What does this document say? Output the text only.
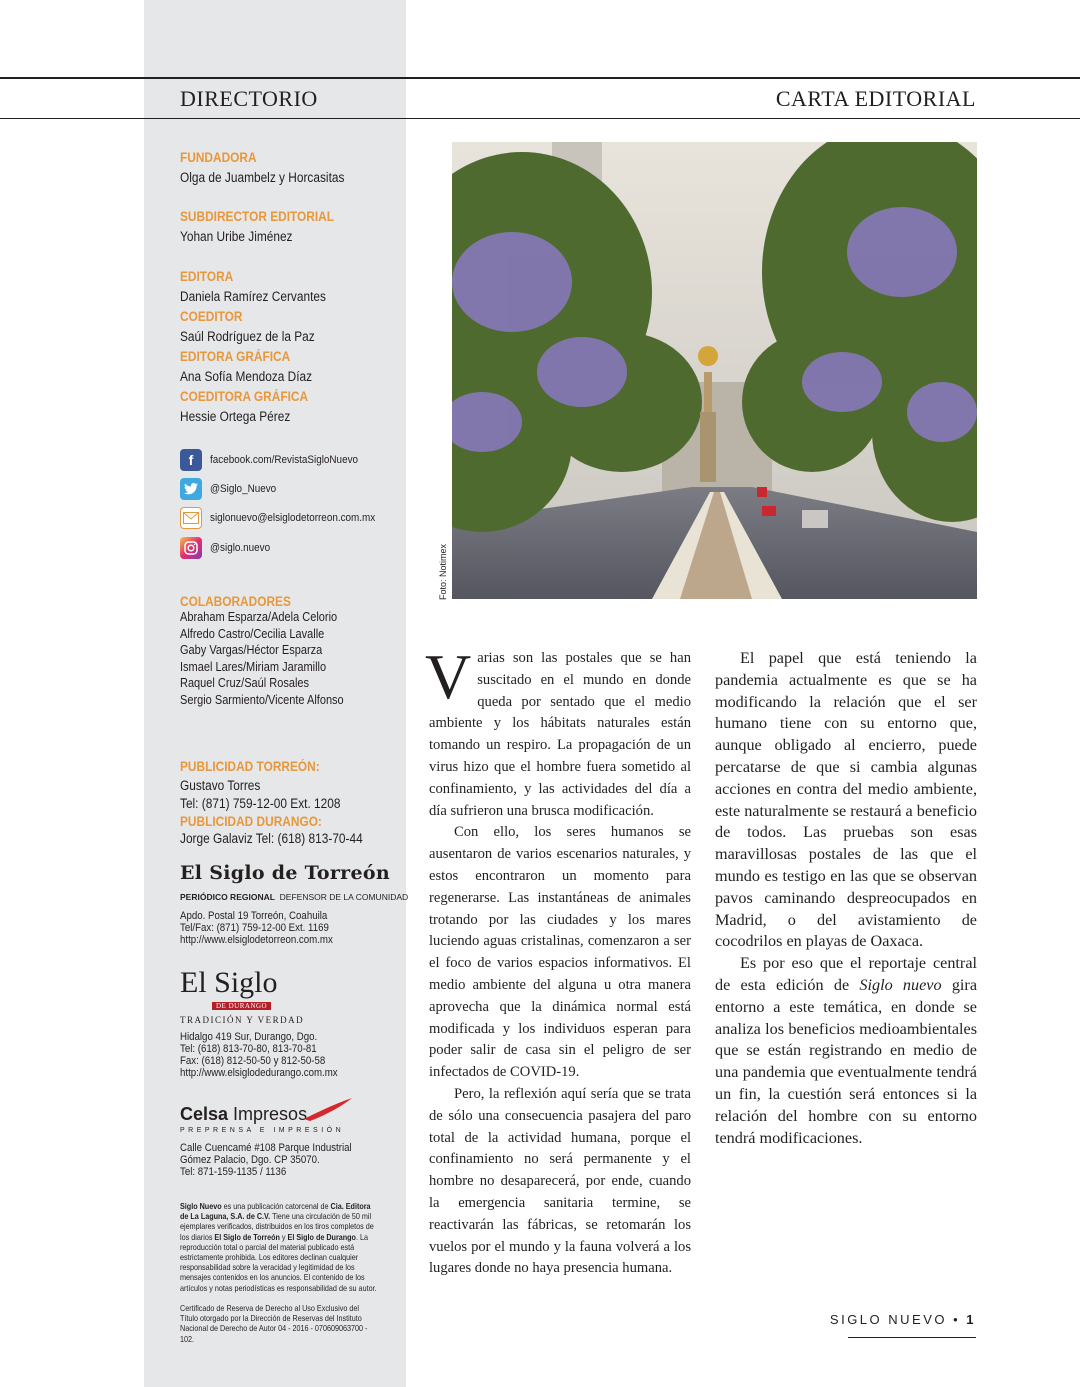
DIRECTORIO	CARTA EDITORIAL
FUNDADORA
Olga de Juambelz y Horcasitas
SUBDIRECTOR EDITORIAL
Yohan Uribe Jiménez
EDITORA
Daniela Ramírez Cervantes
COEDITOR
Saúl Rodríguez de la Paz
EDITORA GRÁFICA
Ana Sofía Mendoza Díaz
COEDITORA GRÁFICA
Hessie Ortega Pérez
f	facebook.com/RevistaSigloNuevo
@Siglo_Nuevo
siglonuevo@elsiglodetorreon.com.mx
@siglo.nuevo
COLABORADORES
Abraham Esparza/Adela Celorio
Alfredo Castro/Cecilia Lavalle
Gaby Vargas/Héctor Esparza
Ismael Lares/Miriam Jaramillo
Raquel Cruz/Saúl Rosales
Sergio Sarmiento/Vicente Alfonso
PUBLICIDAD TORREÓN:
Gustavo Torres
Tel: (871) 759-12-00 Ext. 1208
PUBLICIDAD DURANGO:
Jorge Galaviz Tel: (618) 813-70-44
El Siglo de Torreón
PERIÓDICO REGIONAL DEFENSOR DE LA COMUNIDAD
Apdo. Postal 19 Torreón, Coahuila
Tel/Fax: (871) 759-12-00 Ext. 1169
http://www.elsiglodetorreon.com.mx
El Siglo
DE DURANGO
TRADICIÓN Y VERDAD
Hidalgo 419 Sur, Durango, Dgo.
Tel: (618) 813-70-80, 813-70-81
Fax: (618) 812-50-50 y 812-50-58
http://www.elsiglodedurango.com.mx
Celsa Impresos
PREPRENSA E IMPRESIÓN
Calle Cuencamé #108 Parque Industrial
Gómez Palacio, Dgo. CP 35070.
Tel: 871-159-1135 / 1136
Siglo Nuevo es una publicación catorcenal de Cia. Editora de La Laguna, S.A. de C.V. Tiene una circulación de 50 mil ejemplares verificados, distribuidos en los tiros completos de los diarios El Siglo de Torreón y El Siglo de Durango. La reproducción total o parcial del material publicado está estrictamente prohibida. Los editores declinan cualquier responsabilidad sobre la veracidad y legitimidad de los mensajes contenidos en los anuncios. El contenido de los artículos y notas periodísticas es responsabilidad de su autor.
Certificado de Reserva de Derecho al Uso Exclusivo del Título otorgado por la Dirección de Reservas del Instituto Nacional de Derecho de Autor 04 - 2016 - 070609063700 - 102.
Foto: Notimex

Varias son las postales que se han suscitado en el mundo en donde queda por sentado que el medio ambiente y los hábitats naturales están tomando un respiro. La propagación de un virus hizo que el hombre fuera sometido al confinamiento, y las actividades del día a día sufrieron una brusca modificación.

Con ello, los seres humanos se ausentaron de varios escenarios naturales, y estos encontraron un momento para regenerarse. Las instantáneas de animales trotando por las ciudades y los mares luciendo aguas cristalinas, comenzaron a ser el foco de varios espacios informativos. El medio ambiente del alguna u otra manera aprovecha que la dinámica normal está modificada y los individuos esperan para poder salir de casa sin el peligro de ser infectados de COVID-19.

Pero, la reflexión aquí sería que se trata de sólo una consecuencia pasajera del paro total de la actividad humana, porque el confinamiento no será permanente y el hombre no desaparecerá, por ende, cuando la emergencia sanitaria termine, se reactivarán las fábricas, se retomarán los vuelos por el mundo y la fauna volverá a los lugares donde no haya presencia humana.

El papel que está teniendo la pandemia actualmente es que se ha modificando la relación que el ser humano tiene con su entorno que, aunque obligado al encierro, puede percatarse de que si cambia algunas acciones en contra del medio ambiente, este naturalmente se restaurá a beneficio de todos. Las pruebas son esas maravillosas postales de las que el mundo es testigo en las que se observan pavos caminando despreocupados en Madrid, o del avistamiento de cocodrilos en playas de Oaxaca.

Es por eso que el reportaje central de esta edición de Siglo nuevo gira entorno a este temática, en donde se analiza los beneficios medioambientales que se están registrando en medio de una pandemia que eventualmente tendrá un fin, la cuestión será entonces si la relación del hombre con su entorno tendrá modificaciones.

SIGLO NUEVO • 1
